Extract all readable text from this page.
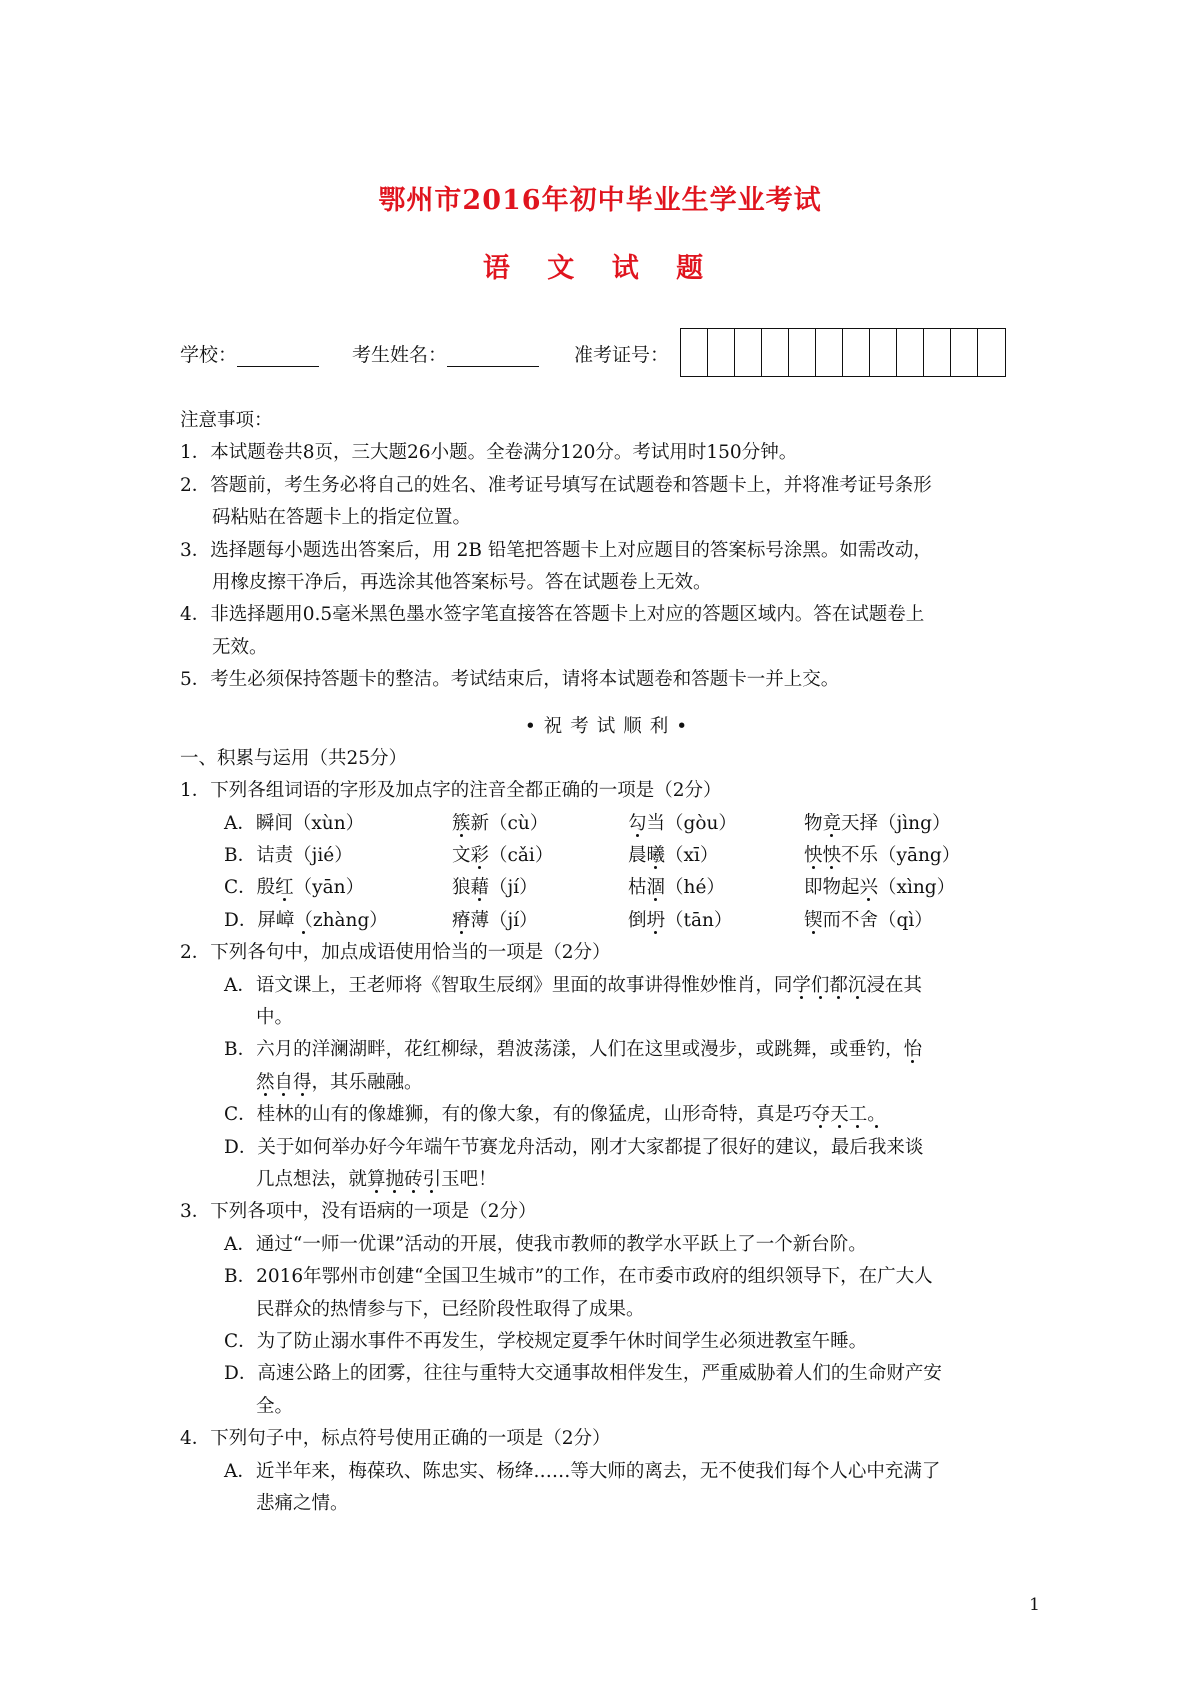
鄂州市2016年初中毕业生学业考试
语 文 试 题
学校：	考生姓名：	准考证号：
注意事项：
1．本试题卷共8页，三大题26小题。全卷满分120分。考试用时150分钟。
2．答题前，考生务必将自己的姓名、准考证号填写在试题卷和答题卡上，并将准考证号条形
码粘贴在答题卡上的指定位置。
3．选择题每小题选出答案后，用 2B 铅笔把答题卡上对应题目的答案标号涂黑。如需改动，
用橡皮擦干净后，再选涂其他答案标号。答在试题卷上无效。
4．非选择题用0.5毫米黑色墨水签字笔直接答在答题卡上对应的答题区域内。答在试题卷上
无效。
5．考生必须保持答题卡的整洁。考试结束后，请将本试题卷和答题卡一并上交。
•祝考试顺利•
一、积累与运用（共25分）
1．下列各组词语的字形及加点字的注音全都正确的一项是（2分）
A．瞬间（xùn）	簇新（cù）	勾当（gòu）	物竟天择（jìng）
B．诘责（jié）	文彩（cǎi）	晨曦（xī）	怏怏不乐（yāng）
C．殷红（yān）	狼藉（jí）	枯涸（hé）	即物起兴（xìng）
D．屏嶂（zhàng）	瘠薄（jí）	倒坍（tān）	锲而不舍（qì）
2．下列各句中，加点成语使用恰当的一项是（2分）
A．语文课上，王老师将《智取生辰纲》里面的故事讲得惟妙惟肖，同学们都沉浸在其
中。
B．六月的洋澜湖畔，花红柳绿，碧波荡漾，人们在这里或漫步，或跳舞，或垂钓，怡
然自得，其乐融融。
C．桂林的山有的像雄狮，有的像大象，有的像猛虎，山形奇特，真是巧夺天工。
D．关于如何举办好今年端午节赛龙舟活动，刚才大家都提了很好的建议，最后我来谈
几点想法，就算抛砖引玉吧！
3．下列各项中，没有语病的一项是（2分）
A．通过“一师一优课”活动的开展，使我市教师的教学水平跃上了一个新台阶。
B．2016年鄂州市创建“全国卫生城市”的工作，在市委市政府的组织领导下，在广大人
民群众的热情参与下，已经阶段性取得了成果。
C．为了防止溺水事件不再发生，学校规定夏季午休时间学生必须进教室午睡。
D．高速公路上的团雾，往往与重特大交通事故相伴发生，严重威胁着人们的生命财产安
全。
4．下列句子中，标点符号使用正确的一项是（2分）
A．近半年来，梅葆玖、陈忠实、杨绛……等大师的离去，无不使我们每个人心中充满了
悲痛之情。
1
